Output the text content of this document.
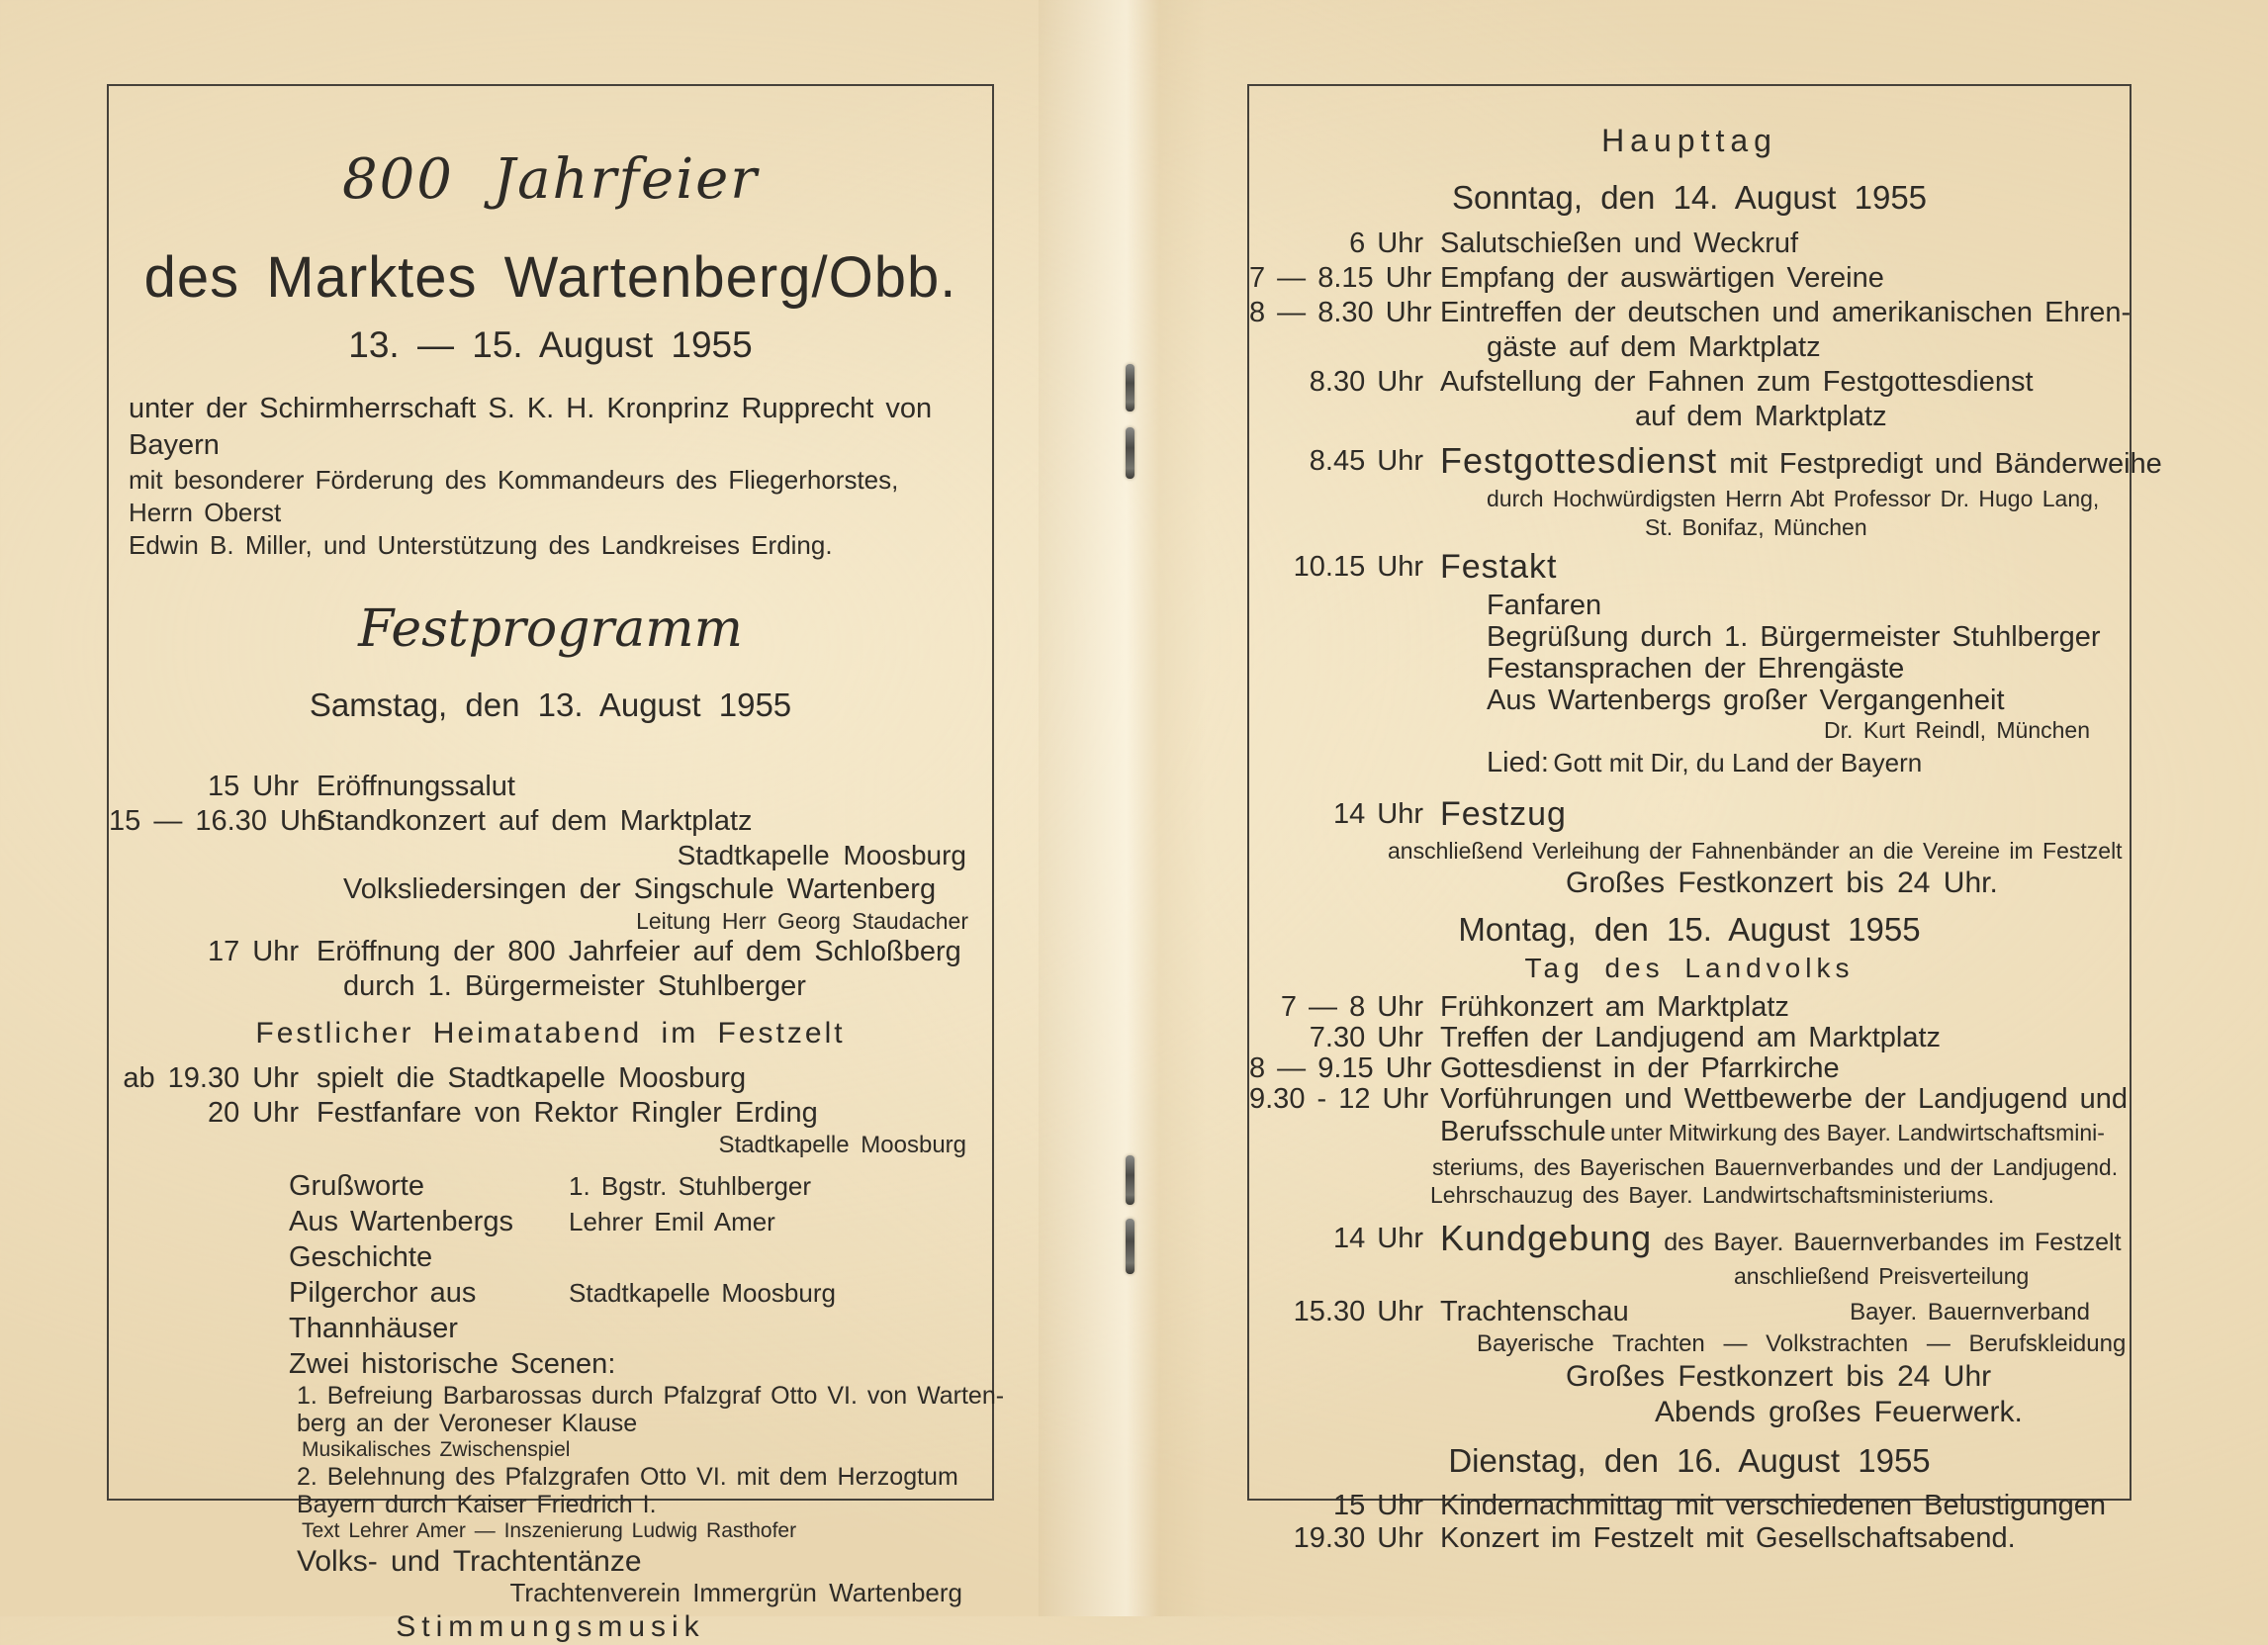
800 Jahrfeier
des Marktes Wartenberg/Obb.
13. — 15. August 1955
unter der Schirmherrschaft S. K. H. Kronprinz Rupprecht von Bayern
mit besonderer Förderung des Kommandeurs des Fliegerhorstes, Herrn Oberst
Edwin B. Miller, und Unterstützung des Landkreises Erding.
Festprogramm
Samstag, den 13. August 1955
15 Uhr Eröffnungssalut
15 — 16.30 Uhr
Standkonzert auf dem Marktplatz
Stadtkapelle Moosburg
Volksliedersingen der Singschule Wartenberg
Leitung Herr Georg Staudacher
17 Uhr Eröffnung der 800 Jahrfeier auf dem Schloßberg
durch 1. Bürgermeister Stuhlberger
Festlicher Heimatabend im Festzelt
ab 19.30 Uhr spielt die Stadtkapelle Moosburg
20 Uhr Festfanfare von Rektor Ringler Erding
Stadtkapelle Moosburg
Grußworte	1. Bgstr. Stuhlberger
Aus Wartenbergs Geschichte
Lehrer Emil Amer
Pilgerchor aus Thannhäuser
Stadtkapelle Moosburg
Zwei historische Scenen:
1. Befreiung Barbarossas durch Pfalzgraf Otto VI. von Warten-
berg an der Veroneser Klause
Musikalisches Zwischenspiel
2. Belehnung des Pfalzgrafen Otto VI. mit dem Herzogtum
Bayern durch Kaiser Friedrich I.
Text Lehrer Amer — Inszenierung Ludwig Rasthofer
Volks- und Trachtentänze
Trachtenverein Immergrün Wartenberg
Stimmungsmusik
Haupttag
Sonntag, den 14. August 1955
6 Uhr Salutschießen und Weckruf
7 — 8.15 Uhr Empfang der auswärtigen Vereine
8 — 8.30 Uhr Eintreffen der deutschen und amerikanischen Ehren-
gäste auf dem Marktplatz
8.30 Uhr Aufstellung der Fahnen zum Festgottesdienst
auf dem Marktplatz
8.45 Uhr Festgottesdienst mit Festpredigt und Bänderweihe
durch Hochwürdigsten Herrn Abt Professor Dr. Hugo Lang,
St. Bonifaz, München
10.15 Uhr Festakt
Fanfaren
Begrüßung durch 1. Bürgermeister Stuhlberger
Festansprachen der Ehrengäste
Aus Wartenbergs großer Vergangenheit
Dr. Kurt Reindl, München
Lied: Gott mit Dir, du Land der Bayern
14 Uhr Festzug
anschließend Verleihung der Fahnenbänder an die Vereine im Festzelt
Großes Festkonzert bis 24 Uhr.
Montag, den 15. August 1955
Tag des Landvolks
7 — 8 Uhr Frühkonzert am Marktplatz
7.30 Uhr Treffen der Landjugend am Marktplatz
8 — 9.15 Uhr Gottesdienst in der Pfarrkirche
9.30 - 12 Uhr Vorführungen und Wettbewerbe der Landjugend und
Berufsschule unter Mitwirkung des Bayer. Landwirtschaftsmini-
steriums, des Bayerischen Bauernverbandes und der Landjugend.
Lehrschauzug des Bayer. Landwirtschaftsministeriums.
14 Uhr Kundgebung des Bayer. Bauernverbandes im Festzelt
anschließend Preisverteilung
15.30 Uhr Trachtenschau	Bayer. Bauernverband
Bayerische Trachten — Volkstrachten — Berufskleidung
Großes Festkonzert bis 24 Uhr
Abends großes Feuerwerk.
Dienstag, den 16. August 1955
15 Uhr Kindernachmittag mit verschiedenen Belustigungen
19.30 Uhr Konzert im Festzelt mit Gesellschaftsabend.
